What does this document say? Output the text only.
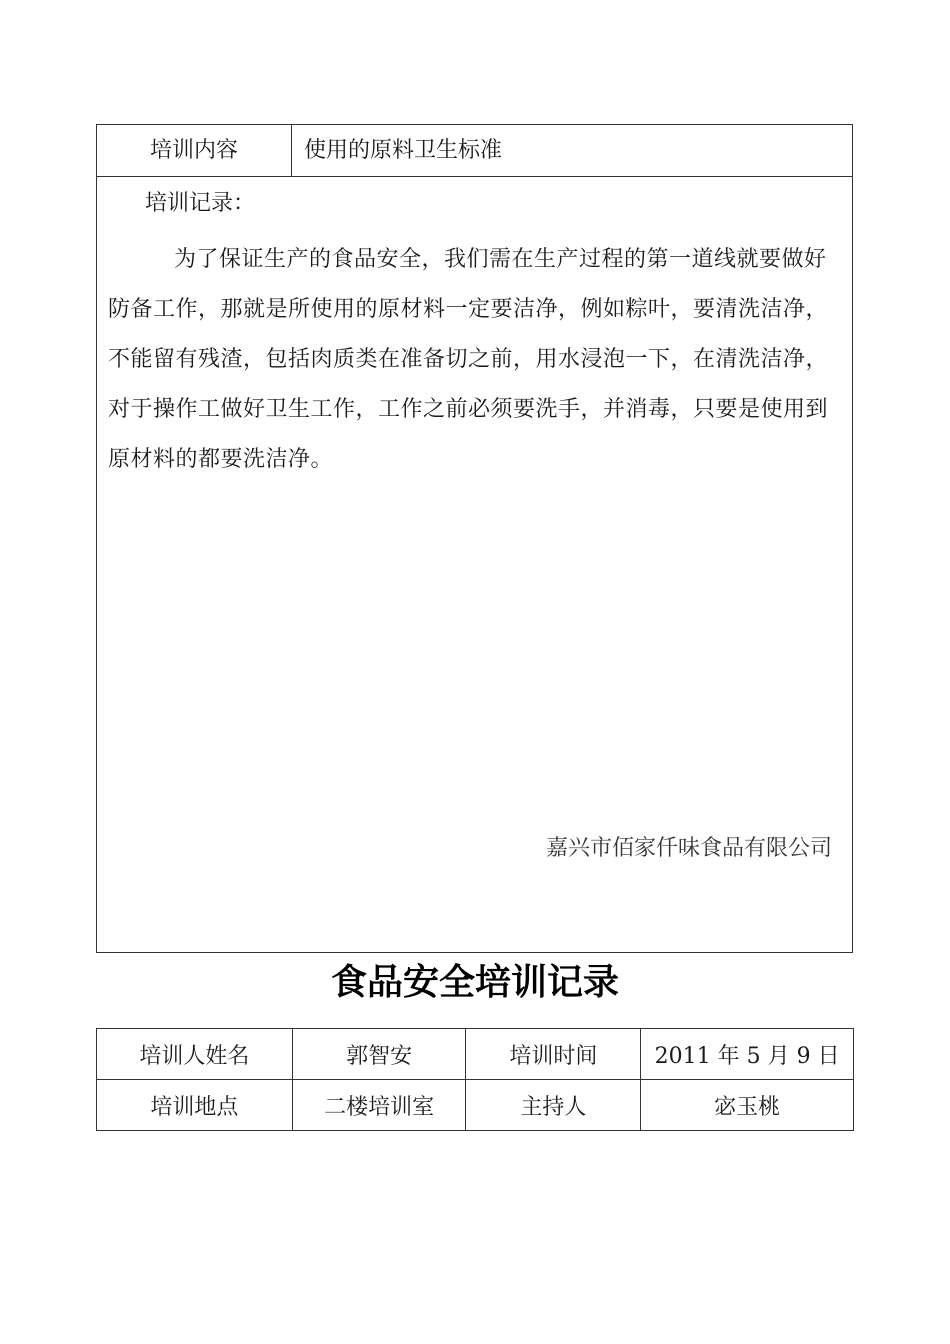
培训内容	使用的原料卫生标准
培训记录：

为了保证生产的食品安全，我们需在生产过程的第一道线就要做好防备工作，那就是所使用的原材料一定要洁净，例如粽叶，要清洗洁净，不能留有残渣，包括肉质类在准备切之前，用水浸泡一下，在清洗洁净，对于操作工做好卫生工作，工作之前必须要洗手，并消毒，只要是使用到原材料的都要洗洁净。

嘉兴市佰家仟味食品有限公司
食品安全培训记录
培训人姓名	郭智安	培训时间	2011 年 5 月 9 日
培训地点	二楼培训室	主持人	宓玉桃
